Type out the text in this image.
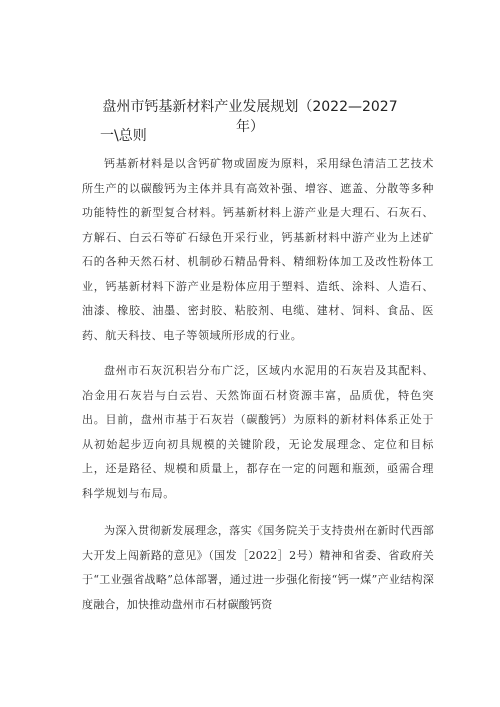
盘州市钙基新材料产业发展规划（2022—2027
年）
一\总则

钙基新材料是以含钙矿物或固废为原料，采用绿色清洁工艺技术所生产的以碳酸钙为主体并具有高效补强、增容、遮盖、分散等多种功能特性的新型复合材料。钙基新材料上游产业是大理石、石灰石、方解石、白云石等矿石绿色开采行业，钙基新材料中游产业为上述矿石的各种天然石材、机制砂石精品骨料、精细粉体加工及改性粉体工业，钙基新材料下游产业是粉体应用于塑料、造纸、涂料、人造石、油漆、橡胶、油墨、密封胶、粘胶剂、电缆、建材、饲料、食品、医药、航天科技、电子等领域所形成的行业。

盘州市石灰沉积岩分布广泛，区域内水泥用的石灰岩及其配料、冶金用石灰岩与白云岩、天然饰面石材资源丰富，品质优，特色突出。目前，盘州市基于石灰岩（碳酸钙）为原料的新材料体系正处于从初始起步迈向初具规模的关键阶段，无论发展理念、定位和目标上，还是路径、规模和质量上，都存在一定的问题和瓶颈，亟需合理科学规划与布局。

为深入贯彻新发展理念，落实《国务院关于支持贵州在新时代西部大开发上闯新路的意见》（国发［2022］2号）精神和省委、省政府关于“工业强省战略”总体部署，通过进一步强化衔接“钙一煤”产业结构深度融合，加快推动盘州市石材碳酸钙资
